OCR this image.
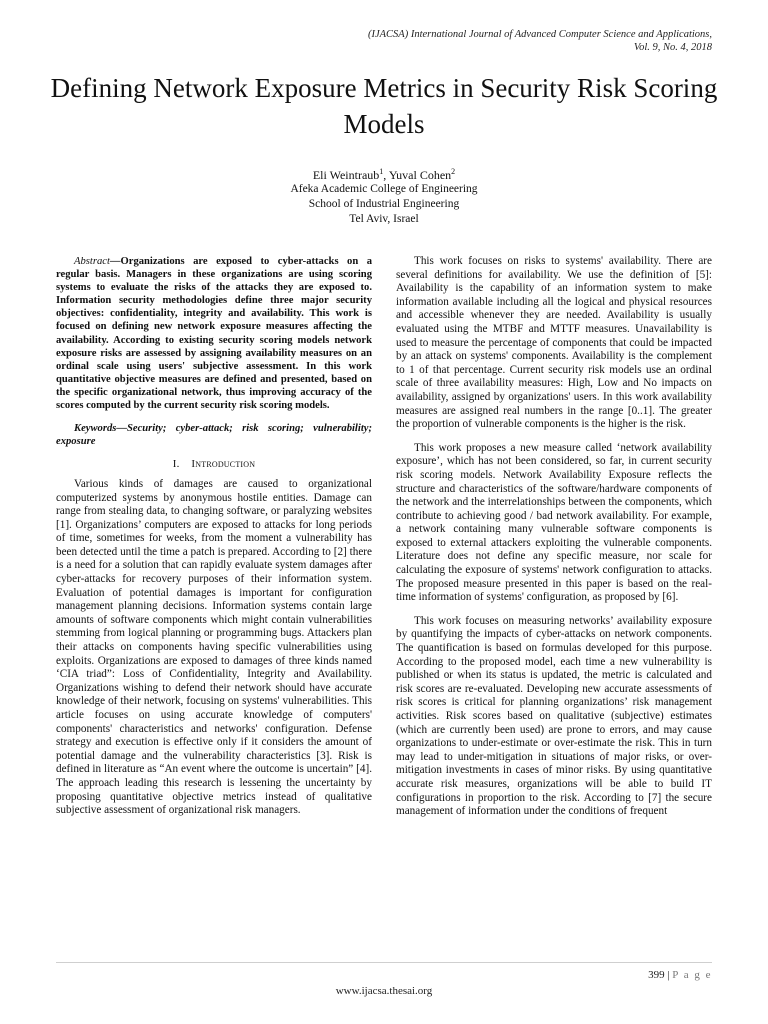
(IJACSA) International Journal of Advanced Computer Science and Applications,
Vol. 9, No. 4, 2018
Defining Network Exposure Metrics in Security Risk Scoring Models
Eli Weintraub$^1$, Yuval Cohen$^2$
Afeka Academic College of Engineering
School of Industrial Engineering
Tel Aviv, Israel
Abstract—Organizations are exposed to cyber-attacks on a regular basis. Managers in these organizations are using scoring systems to evaluate the risks of the attacks they are exposed to. Information security methodologies define three major security objectives: confidentiality, integrity and availability. This work is focused on defining new network exposure measures affecting the availability. According to existing security scoring models network exposure risks are assessed by assigning availability measures on an ordinal scale using users' subjective assessment. In this work quantitative objective measures are defined and presented, based on the specific organizational network, thus improving accuracy of the scores computed by the current security risk scoring models.
Keywords—Security; cyber-attack; risk scoring; vulnerability; exposure
I. Introduction

Various kinds of damages are caused to organizational computerized systems by anonymous hostile entities. Damage can range from stealing data, to changing software, or paralyzing websites [1]. Organizations’ computers are exposed to attacks for long periods of time, sometimes for weeks, from the moment a vulnerability has been detected until the time a patch is prepared. According to [2] there is a need for a solution that can rapidly evaluate system damages after cyber-attacks for recovery purposes of their information system. Evaluation of potential damages is important for configuration management planning decisions. Information systems contain large amounts of software components which might contain vulnerabilities stemming from logical planning or programming bugs. Attackers plan their attacks on components having specific vulnerabilities using exploits. Organizations are exposed to damages of three kinds named ‘CIA triad”: Loss of Confidentiality, Integrity and Availability. Organizations wishing to defend their network should have accurate knowledge of their network, focusing on systems' vulnerabilities. This article focuses on using accurate knowledge of computers' components' characteristics and networks' configuration. Defense strategy and execution is effective only if it considers the amount of potential damage and the vulnerability characteristics [3]. Risk is defined in literature as “An event where the outcome is uncertain” [4]. The approach leading this research is lessening the uncertainty by proposing quantitative objective metrics instead of qualitative subjective assessment of organizational risk managers.

This work focuses on risks to systems' availability. There are several definitions for availability. We use the definition of [5]: Availability is the capability of an information system to make information available including all the logical and physical resources and accessible whenever they are needed. Availability is usually evaluated using the MTBF and MTTF measures. Unavailability is used to measure the percentage of components that could be impacted by an attack on systems' components. Availability is the complement to 1 of that percentage. Current security risk models use an ordinal scale of three availability measures: High, Low and No impacts on availability, assigned by organizations' users. In this work availability measures are assigned real numbers in the range [0..1]. The greater the proportion of vulnerable components is the higher is the risk.

This work proposes a new measure called ‘network availability exposure’, which has not been considered, so far, in current security risk scoring models. Network Availability Exposure reflects the structure and characteristics of the software/hardware components of the network and the interrelationships between the components, which contribute to achieving good / bad network availability. For example, a network containing many vulnerable software components is exposed to external attackers exploiting the vulnerable components. Literature does not define any specific measure, nor scale for calculating the exposure of systems' network configuration to attacks. The proposed measure presented in this paper is based on the real-time information of systems' configuration, as proposed by [6].

This work focuses on measuring networks’ availability exposure by quantifying the impacts of cyber-attacks on network components. The quantification is based on formulas developed for this purpose. According to the proposed model, each time a new vulnerability is published or when its status is updated, the metric is calculated and risk scores are re-evaluated. Developing new accurate assessments of risk scores is critical for planning organizations’ risk management activities. Risk scores based on qualitative (subjective) estimates (which are currently been used) are prone to errors, and may cause organizations to under-estimate or over-estimate the risk. This in turn may lead to under-mitigation in situations of major risks, or over-mitigation investments in cases of minor risks. By using quantitative accurate risk measures, organizations will be able to build IT configurations in proportion to the risk. According to [7] the secure management of information under the conditions of frequent

399 | P a g e
www.ijacsa.thesai.org
